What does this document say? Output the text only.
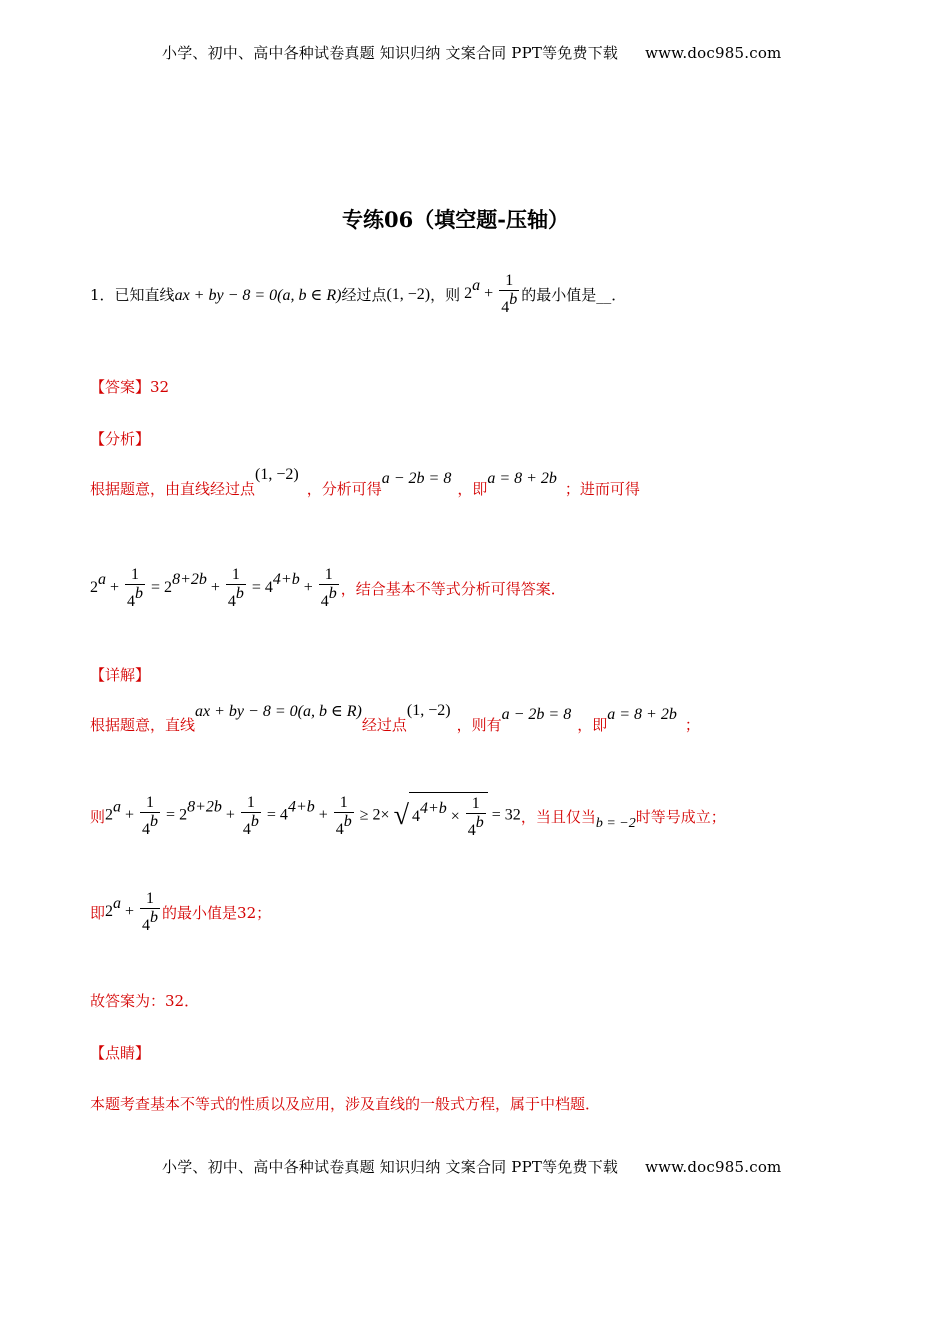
小学、初中、高中各种试卷真题 知识归纳 文案合同 PPT等免费下载 www.doc985.com
专练06（填空题-压轴）
1． 已知直线 ax + by − 8 = 0(a, b ∈ R) 经过点 (1, −2) ，则 $2^a + \frac{1}{4^b}$ 的最小值是__．
【答案】32
【分析】
根据题意，由直线经过点
(1, −2)
，分析可得
a − 2b = 8
，即
a = 8 + 2b
；进而可得
$2^a + \frac{1}{4^b} = 2^{8+2b} + \frac{1}{4^b} = 4^{4+b} + \frac{1}{4^b}$ ，结合基本不等式分析可得答案．
【详解】
根据题意，直线
ax + by − 8 = 0(a, b ∈ R)
经过点
(1, −2)
，则有
a − 2b = 8
，即
a = 8 + 2b
；
则 $2^a + \frac{1}{4^b} = 2^{8+2b} + \frac{1}{4^b} = 4^{4+b} + \frac{1}{4^b} \ge 2\times$ √ $4^{4+b} \times \frac{1}{4^b} = 32$ ，当且仅当 b = −2 时等号成立；
即 $2^a + \frac{1}{4^b}$ 的最小值是32；
故答案为：32．
【点睛】
本题考查基本不等式的性质以及应用，涉及直线的一般式方程，属于中档题．
小学、初中、高中各种试卷真题 知识归纳 文案合同 PPT等免费下载 www.doc985.com
